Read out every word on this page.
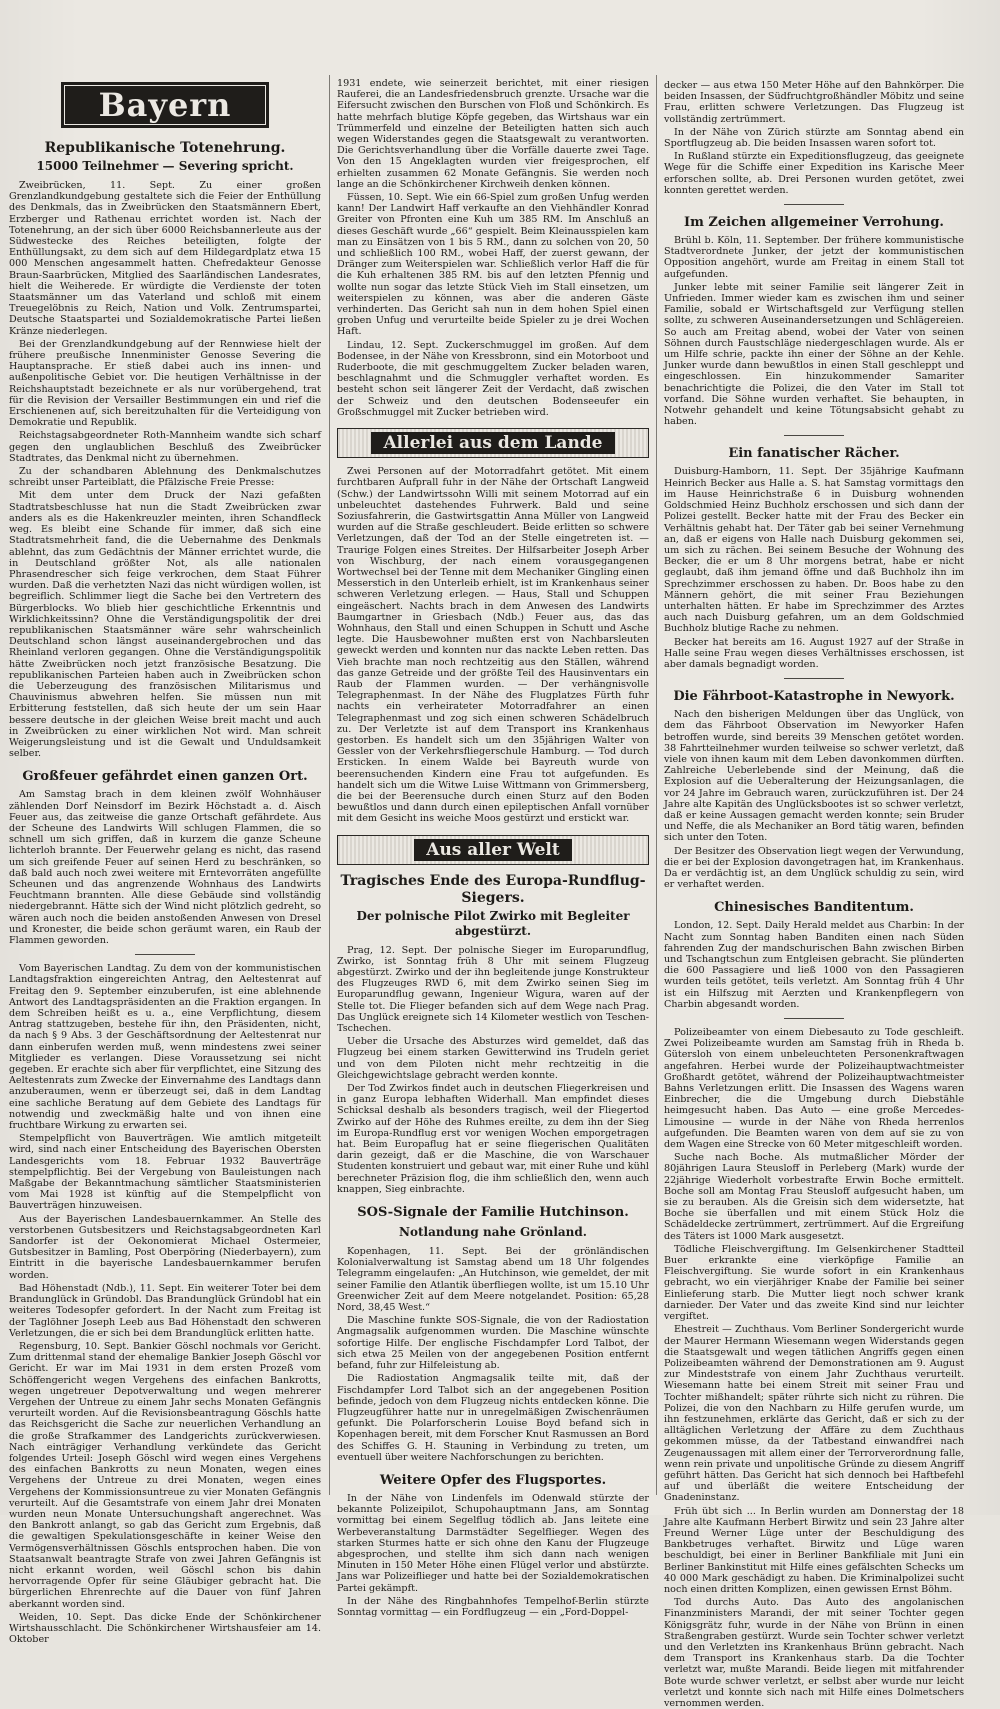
Bayern
Republikanische Totenehrung.
15000 Teilnehmer — Severing spricht.

Zweibrücken, 11. Sept. Zu einer großen Grenzlandkundgebung gestaltete sich die Feier der Enthüllung des Denkmals, das in Zweibrücken den Staatsmännern Ebert, Erzberger und Rathenau errichtet worden ist. Nach der Totenehrung, an der sich über 6000 Reichsbannerleute aus der Südwestecke des Reiches beteiligten, folgte der Enthüllungsakt, zu dem sich auf dem Hildegardplatz etwa 15 000 Menschen angesammelt hatten. Chefredakteur Genosse Braun-Saarbrücken, Mitglied des Saarländischen Landesrates, hielt die Weiherede. Er würdigte die Verdienste der toten Staatsmänner um das Vaterland und schloß mit einem Treuegelöbnis zu Reich, Nation und Volk. Zentrumspartei, Deutsche Staatspartei und Sozialdemokratische Partei ließen Kränze niederlegen.

Bei der Grenzlandkundgebung auf der Rennwiese hielt der frühere preußische Innenminister Genosse Severing die Hauptansprache. Er stieß dabei auch ins innen- und außenpolitische Gebiet vor. Die heutigen Verhältnisse in der Reichshauptstadt bezeichnete er als nur vorübergehend, trat für die Revision der Versailler Bestimmungen ein und rief die Erschienenen auf, sich bereitzuhalten für die Verteidigung von Demokratie und Republik.

Reichstagsabgeordneter Roth-Mannheim wandte sich scharf gegen den unglaublichen Beschluß des Zweibrücker Stadtrates, das Denkmal nicht zu übernehmen.

Zu der schandbaren Ablehnung des Denkmalschutzes schreibt unser Parteiblatt, die Pfälzische Freie Presse:

Mit dem unter dem Druck der Nazi gefaßten Stadtratsbeschlusse hat nun die Stadt Zweibrücken zwar anders als es die Hakenkreuzler meinten, ihren Schandfleck weg. Es bleibt eine Schande für immer, daß sich eine Stadtratsmehrheit fand, die die Uebernahme des Denkmals ablehnt, das zum Gedächtnis der Männer errichtet wurde, die in Deutschland größter Not, als alle nationalen Phrasendrescher sich feige verkrochen, dem Staat Führer wurden. Daß die verhetzten Nazi das nicht würdigen wollen, ist begreiflich. Schlimmer liegt die Sache bei den Vertretern des Bürgerblocks. Wo blieb hier geschichtliche Erkenntnis und Wirklichkeitssinn? Ohne die Verständigungspolitik der drei republikanischen Staatsmänner wäre sehr wahrscheinlich Deutschland schon längst auseinandergebrochen und das Rheinland verloren gegangen. Ohne die Verständigungspolitik hätte Zweibrücken noch jetzt französische Besatzung. Die republikanischen Parteien haben auch in Zweibrücken schon die Ueberzeugung des französischen Militarismus und Chauvinismus abwehren helfen. Sie müssen nun mit Erbitterung feststellen, daß sich heute der um sein Haar bessere deutsche in der gleichen Weise breit macht und auch in Zweibrücken zu einer wirklichen Not wird. Man schreit Weigerungsleistung und ist die Gewalt und Unduldsamkeit selber.

Großfeuer gefährdet einen ganzen Ort.

Am Samstag brach in dem kleinen zwölf Wohnhäuser zählenden Dorf Neinsdorf im Bezirk Höchstadt a. d. Aisch Feuer aus, das zeitweise die ganze Ortschaft gefährdete. Aus der Scheune des Landwirts Will schlugen Flammen, die so schnell um sich griffen, daß in kurzem die ganze Scheune lichterloh brannte. Der Feuerwehr gelang es nicht, das rasend um sich greifende Feuer auf seinen Herd zu beschränken, so daß bald auch noch zwei weitere mit Erntevorräten angefüllte Scheunen und das angrenzende Wohnhaus des Landwirts Feuchtmann brannten. Alle diese Gebäude sind vollständig niedergebrannt. Hätte sich der Wind nicht plötzlich gedreht, so wären auch noch die beiden anstoßenden Anwesen von Dresel und Kronester, die beide schon geräumt waren, ein Raub der Flammen geworden.

Vom Bayerischen Landtag. Zu dem von der kommunistischen Landtagsfraktion eingereichten Antrag, den Aeltestenrat auf Freitag den 9. September einzuberufen, ist eine ablehnende Antwort des Landtagspräsidenten an die Fraktion ergangen. In dem Schreiben heißt es u. a., eine Verpflichtung, diesem Antrag stattzugeben, bestehe für ihn, den Präsidenten, nicht, da nach § 9 Abs. 3 der Geschäftsordnung der Aeltestenrat nur dann einberufen werden muß, wenn mindestens zwei seiner Mitglieder es verlangen. Diese Voraussetzung sei nicht gegeben. Er erachte sich aber für verpflichtet, eine Sitzung des Aeltestenrats zum Zwecke der Einvernahme des Landtags dann anzuberaumen, wenn er überzeugt sei, daß in dem Landtag eine sachliche Beratung auf dem Gebiete des Landtags für notwendig und zweckmäßig halte und von ihnen eine fruchtbare Wirkung zu erwarten sei.

Stempelpflicht von Bauverträgen. Wie amtlich mitgeteilt wird, sind nach einer Entscheidung des Bayerischen Obersten Landesgerichts vom 18. Februar 1932 Bauverträge stempelpflichtig. Bei der Vergebung von Bauleistungen nach Maßgabe der Bekanntmachung sämtlicher Staatsministerien vom Mai 1928 ist künftig auf die Stempelpflicht von Bauverträgen hinzuweisen.

Aus der Bayerischen Landesbauernkammer. An Stelle des verstorbenen Gutsbesitzers und Reichstagsabgeordneten Karl Sandorfer ist der Oekonomierat Michael Ostermeier, Gutsbesitzer in Bamling, Post Oberpöring (Niederbayern), zum Eintritt in die bayerische Landesbauernkammer berufen worden.

Bad Höhenstadt (Ndb.), 11. Sept. Ein weiterer Toter bei dem Brandunglück in Gründobl. Das Brandunglück Gründobl hat ein weiteres Todesopfer gefordert. In der Nacht zum Freitag ist der Taglöhner Joseph Leeb aus Bad Höhenstadt den schweren Verletzungen, die er sich bei dem Brandunglück erlitten hatte.

Regensburg, 10. Sept. Bankier Göschl nochmals vor Gericht. Zum drittenmal stand der ehemalige Bankier Joseph Göschl vor Gericht. Er war im Mai 1931 in dem ersten Prozeß vom Schöffengericht wegen Vergehens des einfachen Bankrotts, wegen ungetreuer Depotverwaltung und wegen mehrerer Vergehen der Untreue zu einem Jahr sechs Monaten Gefängnis verurteilt worden. Auf die Revisionsbeantragung Göschls hatte das Reichsgericht die Sache zur neuerlichen Verhandlung an die große Strafkammer des Landgerichts zurückverwiesen. Nach einträgiger Verhandlung verkündete das Gericht folgendes Urteil: Joseph Göschl wird wegen eines Vergehens des einfachen Bankrotts zu neun Monaten, wegen eines Vergehens der Untreue zu drei Monaten, wegen eines Vergehens der Kommissionsuntreue zu vier Monaten Gefängnis verurteilt. Auf die Gesamtstrafe von einem Jahr drei Monaten wurden neun Monate Untersuchungshaft angerechnet. Was den Bankrott anlangt, so gab das Gericht zum Ergebnis, daß die gewaltigen Spekulationsgeschäfte in keiner Weise den Vermögensverhältnissen Göschls entsprochen haben. Die von Staatsanwalt beantragte Strafe von zwei Jahren Gefängnis ist nicht erkannt worden, weil Göschl schon bis dahin hervorragende Opfer für seine Gläubiger gebracht hat. Die bürgerlichen Ehrenrechte auf die Dauer von fünf Jahren aberkannt worden sind.

Weiden, 10. Sept. Das dicke Ende der Schönkirchener Wirtshausschlacht. Die Schönkirchener Wirtshausfeier am 14. Oktober

1931 endete, wie seinerzeit berichtet, mit einer riesigen Rauferei, die an Landesfriedensbruch grenzte. Ursache war die Eifersucht zwischen den Burschen von Floß und Schönkirch. Es hatte mehrfach blutige Köpfe gegeben, das Wirtshaus war ein Trümmerfeld und einzelne der Beteiligten hatten sich auch wegen Widerstandes gegen die Staatsgewalt zu verantworten. Die Gerichtsverhandlung über die Vorfälle dauerte zwei Tage. Von den 15 Angeklagten wurden vier freigesprochen, elf erhielten zusammen 62 Monate Gefängnis. Sie werden noch lange an die Schönkirchener Kirchweih denken können.

Füssen, 10. Sept. Wie ein 66-Spiel zum großen Unfug werden kann! Der Landwirt Haff verkaufte an den Viehhändler Konrad Greiter von Pfronten eine Kuh um 385 RM. Im Anschluß an dieses Geschäft wurde „66“ gespielt. Beim Kleinausspielen kam man zu Einsätzen von 1 bis 5 RM., dann zu solchen von 20, 50 und schließlich 100 RM., wobei Haff, der zuerst gewann, der Dränger zum Weiterspielen war. Schließlich verlor Haff die für die Kuh erhaltenen 385 RM. bis auf den letzten Pfennig und wollte nun sogar das letzte Stück Vieh im Stall einsetzen, um weiterspielen zu können, was aber die anderen Gäste verhinderten. Das Gericht sah nun in dem hohen Spiel einen groben Unfug und verurteilte beide Spieler zu je drei Wochen Haft.

Lindau, 12. Sept. Zuckerschmuggel im großen. Auf dem Bodensee, in der Nähe von Kressbronn, sind ein Motorboot und Ruderboote, die mit geschmuggeltem Zucker beladen waren, beschlagnahmt und die Schmuggler verhaftet worden. Es besteht schon seit längerer Zeit der Verdacht, daß zwischen der Schweiz und den deutschen Bodenseeufer ein Großschmuggel mit Zucker betrieben wird.

Allerlei aus dem Lande

Zwei Personen auf der Motorradfahrt getötet. Mit einem furchtbaren Aufprall fuhr in der Nähe der Ortschaft Langweid (Schw.) der Landwirtssohn Willi mit seinem Motorrad auf ein unbeleuchtet dastehendes Fuhrwerk. Bald und seine Soziusfahrerin, die Gastwirtsgattin Anna Müller von Langweid wurden auf die Straße geschleudert. Beide erlitten so schwere Verletzungen, daß der Tod an der Stelle eingetreten ist. — Traurige Folgen eines Streites. Der Hilfsarbeiter Joseph Arber von Wischburg, der nach einem vorausgegangenen Wortwechsel bei der Tenne mit dem Mechaniker Gingling einen Messerstich in den Unterleib erhielt, ist im Krankenhaus seiner schweren Verletzung erlegen. — Haus, Stall und Schuppen eingeäschert. Nachts brach in dem Anwesen des Landwirts Baumgartner in Griesbach (Ndb.) Feuer aus, das das Wohnhaus, den Stall und einen Schuppen in Schutt und Asche legte. Die Hausbewohner mußten erst von Nachbarsleuten geweckt werden und konnten nur das nackte Leben retten. Das Vieh brachte man noch rechtzeitig aus den Ställen, während das ganze Getreide und der größte Teil des Hausinventars ein Raub der Flammen wurden. — Der verhängnisvolle Telegraphenmast. In der Nähe des Flugplatzes Fürth fuhr nachts ein verheirateter Motorradfahrer an einen Telegraphenmast und zog sich einen schweren Schädelbruch zu. Der Verletzte ist auf dem Transport ins Krankenhaus gestorben. Es handelt sich um den 35jährigen Walter von Gessler von der Verkehrsfliegerschule Hamburg. — Tod durch Ersticken. In einem Walde bei Bayreuth wurde von beerensuchenden Kindern eine Frau tot aufgefunden. Es handelt sich um die Witwe Luise Wittmann von Grimmersberg, die bei der Beerensuche durch einen Sturz auf den Boden bewußtlos und dann durch einen epileptischen Anfall vornüber mit dem Gesicht ins weiche Moos gestürzt und erstickt war.

Aus aller Welt
Tragisches Ende des Europa-Rundflug-Siegers.
Der polnische Pilot Zwirko mit Begleiter abgestürzt.

Prag, 12. Sept. Der polnische Sieger im Europarundflug, Zwirko, ist Sonntag früh 8 Uhr mit seinem Flugzeug abgestürzt. Zwirko und der ihn begleitende junge Konstrukteur des Flugzeuges RWD 6, mit dem Zwirko seinen Sieg im Europarundflug gewann, Ingenieur Wigura, waren auf der Stelle tot. Die Flieger befanden sich auf dem Wege nach Prag. Das Unglück ereignete sich 14 Kilometer westlich von Teschen-Tschechen.

Ueber die Ursache des Absturzes wird gemeldet, daß das Flugzeug bei einem starken Gewitterwind ins Trudeln geriet und von dem Piloten nicht mehr rechtzeitig in die Gleichgewichtslage gebracht werden konnte.

Der Tod Zwirkos findet auch in deutschen Fliegerkreisen und in ganz Europa lebhaften Widerhall. Man empfindet dieses Schicksal deshalb als besonders tragisch, weil der Fliegertod Zwirko auf der Höhe des Ruhmes ereilte, zu dem ihn der Sieg im Europa-Rundflug erst vor wenigen Wochen emporgetragen hat. Beim Europaflug hat er seine fliegerischen Qualitäten darin gezeigt, daß er die Maschine, die von Warschauer Studenten konstruiert und gebaut war, mit einer Ruhe und kühl berechneter Präzision flog, die ihm schließlich den, wenn auch knappen, Sieg einbrachte.

SOS-Signale der Familie Hutchinson.
Notlandung nahe Grönland.

Kopenhagen, 11. Sept. Bei der grönländischen Kolonialverwaltung ist Samstag abend um 18 Uhr folgendes Telegramm eingelaufen: „An Hutchinson, wie gemeldet, der mit seiner Familie den Atlantik überfliegen wollte, ist um 15.10 Uhr Greenwicher Zeit auf dem Meere notgelandet. Position: 65,28 Nord, 38,45 West.“

Die Maschine funkte SOS-Signale, die von der Radiostation Angmagsalik aufgenommen wurden. Die Maschine wünschte sofortige Hilfe. Der englische Fischdampfer Lord Talbot, der sich etwa 25 Meilen von der angegebenen Position entfernt befand, fuhr zur Hilfeleistung ab.

Die Radiostation Angmagsalik teilte mit, daß der Fischdampfer Lord Talbot sich an der angegebenen Position befinde, jedoch von dem Flugzeug nichts entdecken könne. Die Flugzeugführer hatte nur in unregelmäßigen Zwischenräumen gefunkt. Die Polarforscherin Louise Boyd befand sich in Kopenhagen bereit, mit dem Forscher Knut Rasmussen an Bord des Schiffes G. H. Stauning in Verbindung zu treten, um eventuell über weitere Nachforschungen zu berichten.

Weitere Opfer des Flugsportes.

In der Nähe von Lindenfels im Odenwald stürzte der bekannte Polizeipilot, Schupohauptmann Jans, am Sonntag vormittag bei einem Segelflug tödlich ab. Jans leitete eine Werbeveranstaltung Darmstädter Segelflieger. Wegen des starken Sturmes hatte er sich ohne den Kanu der Flugzeuge abgesprochen, und stellte ihm sich dann nach wenigen Minuten in 150 Meter Höhe einen Flügel verlor und abstürzte. Jans war Polizeiflieger und hatte bei der Sozialdemokratischen Partei gekämpft.

In der Nähe des Ringbahnhofes Tempelhof-Berlin stürzte Sonntag vormittag — ein Fordflugzeug — ein „Ford-Doppel-

decker — aus etwa 150 Meter Höhe auf den Bahnkörper. Die beiden Insassen, der Südfruchtgroßhändler Möbitz und seine Frau, erlitten schwere Verletzungen. Das Flugzeug ist vollständig zertrümmert.

In der Nähe von Zürich stürzte am Sonntag abend ein Sportflugzeug ab. Die beiden Insassen waren sofort tot.

In Rußland stürzte ein Expeditionsflugzeug, das geeignete Wege für die Schiffe einer Expedition ins Karische Meer erforschen sollte, ab. Drei Personen wurden getötet, zwei konnten gerettet werden.

Im Zeichen allgemeiner Verrohung.

Brühl b. Köln, 11. September. Der frühere kommunistische Stadtverordnete Junker, der jetzt der kommunistischen Opposition angehört, wurde am Freitag in einem Stall tot aufgefunden.

Junker lebte mit seiner Familie seit längerer Zeit in Unfrieden. Immer wieder kam es zwischen ihm und seiner Familie, sobald er Wirtschaftsgeld zur Verfügung stellen sollte, zu schweren Auseinandersetzungen und Schlägereien. So auch am Freitag abend, wobei der Vater von seinen Söhnen durch Faustschläge niedergeschlagen wurde. Als er um Hilfe schrie, packte ihn einer der Söhne an der Kehle. Junker wurde dann bewußtlos in einen Stall geschleppt und eingeschlossen. Ein hinzukommender Samariter benachrichtigte die Polizei, die den Vater im Stall tot vorfand. Die Söhne wurden verhaftet. Sie behaupten, in Notwehr gehandelt und keine Tötungsabsicht gehabt zu haben.

Ein fanatischer Rächer.

Duisburg-Hamborn, 11. Sept. Der 35jährige Kaufmann Heinrich Becker aus Halle a. S. hat Samstag vormittags den im Hause Heinrichstraße 6 in Duisburg wohnenden Goldschmied Heinz Buchholz erschossen und sich dann der Polizei gestellt. Becker hatte mit der Frau des Becker ein Verhältnis gehabt hat. Der Täter gab bei seiner Vernehmung an, daß er eigens von Halle nach Duisburg gekommen sei, um sich zu rächen. Bei seinem Besuche der Wohnung des Becker, die er um 8 Uhr morgens betrat, habe er nicht geglaubt, daß ihm jemand öffne und daß Buchholz ihn im Sprechzimmer erschossen zu haben. Dr. Boos habe zu den Männern gehört, die mit seiner Frau Beziehungen unterhalten hätten. Er habe im Sprechzimmer des Arztes auch nach Duisburg gefahren, um an dem Goldschmied Buchholz blutige Rache zu nehmen.

Becker hat bereits am 16. August 1927 auf der Straße in Halle seine Frau wegen dieses Verhältnisses erschossen, ist aber damals begnadigt worden.

Die Fährboot-Katastrophe in Newyork.

Nach den bisherigen Meldungen über das Unglück, von dem das Fährboot Observation im Newyorker Hafen betroffen wurde, sind bereits 39 Menschen getötet worden. 38 Fahrtteilnehmer wurden teilweise so schwer verletzt, daß viele von ihnen kaum mit dem Leben davonkommen dürften. Zahlreiche Ueberlebende sind der Meinung, daß die Explosion auf die Ueberalterung der Heizungsanlagen, die vor 24 Jahre im Gebrauch waren, zurückzuführen ist. Der 24 Jahre alte Kapitän des Unglücksbootes ist so schwer verletzt, daß er keine Aussagen gemacht werden konnte; sein Bruder und Neffe, die als Mechaniker an Bord tätig waren, befinden sich unter den Toten.

Der Besitzer des Observation liegt wegen der Verwundung, die er bei der Explosion davongetragen hat, im Krankenhaus. Da er verdächtig ist, an dem Unglück schuldig zu sein, wird er verhaftet werden.

Chinesisches Banditentum.

London, 12. Sept. Daily Herald meldet aus Charbin: In der Nacht zum Sonntag haben Banditen einen nach Süden fahrenden Zug der mandschurischen Bahn zwischen Birben und Tschangtschun zum Entgleisen gebracht. Sie plünderten die 600 Passagiere und ließ 1000 von den Passagieren wurden teils getötet, teils verletzt. Am Sonntag früh 4 Uhr ist ein Hilfszug mit Aerzten und Krankenpflegern von Charbin abgesandt worden.

Polizeibeamter von einem Diebesauto zu Tode geschleift. Zwei Polizeibeamte wurden am Samstag früh in Rheda b. Gütersloh von einem unbeleuchteten Personenkraftwagen angefahren. Herbei wurde der Polizeihauptwachtmeister Großhardt getötet, während der Polizeihauptwachtmeister Bahns Verletzungen erlitt. Die Insassen des Wagens waren Einbrecher, die die Umgebung durch Diebstähle heimgesucht haben. Das Auto — eine große Mercedes-Limousine — wurde in der Nähe von Rheda herrenlos aufgefunden. Die Beamten waren von dem auf sie zu von dem Wagen eine Strecke von 60 Meter mitgeschleift worden.

Suche nach Boche. Als mutmaßlicher Mörder der 80jährigen Laura Steusloff in Perleberg (Mark) wurde der 22jährige Wiederholt vorbestrafte Erwin Boche ermittelt. Boche soll am Montag Frau Steusloff aufgesucht haben, um sie zu berauben. Als die Greisin sich dem widersetzte, hat Boche sie überfallen und mit einem Stück Holz die Schädeldecke zertrümmert, zertrümmert. Auf die Ergreifung des Täters ist 1000 Mark ausgesetzt.

Tödliche Fleischvergiftung. Im Gelsenkirchener Stadtteil Buer erkrankte eine vierköpfige Familie an Fleischvergiftung. Sie wurde sofort in ein Krankenhaus gebracht, wo ein vierjähriger Knabe der Familie bei seiner Einlieferung starb. Die Mutter liegt noch schwer krank darnieder. Der Vater und das zweite Kind sind nur leichter vergiftet.

Ehestreit — Zuchthaus. Vom Berliner Sondergericht wurde der Maurer Hermann Wiesemann wegen Widerstands gegen die Staatsgewalt und wegen tätlichen Angriffs gegen einen Polizeibeamten während der Demonstrationen am 9. August zur Mindeststrafe von einem Jahr Zuchthaus verurteilt. Wiesemann hatte bei einem Streit mit seiner Frau und Tochter mißhandelt; später rührte sich nicht zu rühren. Die Polizei, die von den Nachbarn zu Hilfe gerufen wurde, um ihn festzunehmen, erklärte das Gericht, daß er sich zu der alltäglichen Verletzung der Affäre zu dem Zuchthaus gekommen müsse, da der Tatbestand einwandfrei nach Zeugenaussagen mit allem einer der Terrorverordnung falle, wenn rein private und unpolitische Gründe zu diesem Angriff geführt hätten. Das Gericht hat sich dennoch bei Haftbefehl auf und überläßt die weitere Entscheidung der Gnadeninstanz.

Früh übt sich ... In Berlin wurden am Donnerstag der 18 Jahre alte Kaufmann Herbert Birwitz und sein 23 Jahre alter Freund Werner Lüge unter der Beschuldigung des Bankbetruges verhaftet. Birwitz und Lüge waren beschuldigt, bei einer in Berliner Bankfiliale mit Juni ein Berliner Bankinstitut mit Hilfe eines gefälschten Schecks um 40 000 Mark geschädigt zu haben. Die Kriminalpolizei sucht noch einen dritten Komplizen, einen gewissen Ernst Böhm.

Tod durchs Auto. Das Auto des angolanischen Finanzministers Marandi, der mit seiner Tochter gegen Königsgrätz fuhr, wurde in der Nähe von Brünn in einen Straßengraben gestürzt. Wurde sein Tochter schwer verletzt und den Verletzten ins Krankenhaus Brünn gebracht. Nach dem Transport ins Krankenhaus starb. Da die Tochter verletzt war, mußte Marandi. Beide liegen mit mitfahrender Bote wurde schwer verletzt, er selbst aber wurde nur leicht verletzt und konnte sich nach mit Hilfe eines Dolmetschers vernommen werden.
